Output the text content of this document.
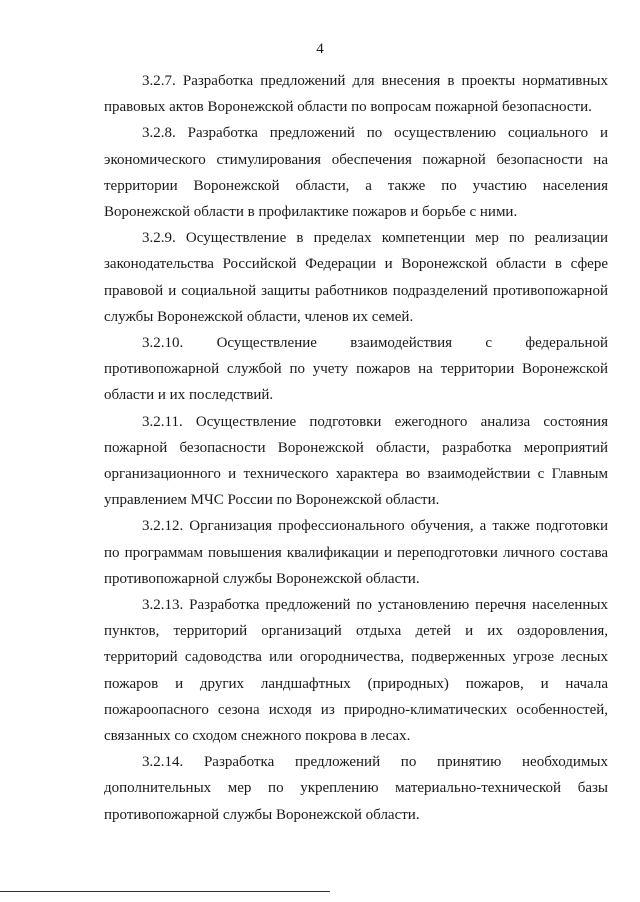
4

3.2.7. Разработка предложений для внесения в проекты нормативных правовых актов Воронежской области по вопросам пожарной безопасности.

3.2.8. Разработка предложений по осуществлению социального и экономического стимулирования обеспечения пожарной безопасности на территории Воронежской области, а также по участию населения Воронежской области в профилактике пожаров и борьбе с ними.

3.2.9. Осуществление в пределах компетенции мер по реализации законодательства Российской Федерации и Воронежской области в сфере правовой и социальной защиты работников подразделений противопожарной службы Воронежской области, членов их семей.

3.2.10. Осуществление взаимодействия с федеральной противопожарной службой по учету пожаров на территории Воронежской области и их последствий.

3.2.11. Осуществление подготовки ежегодного анализа состояния пожарной безопасности Воронежской области, разработка мероприятий организационного и технического характера во взаимодействии с Главным управлением МЧС России по Воронежской области.

3.2.12. Организация профессионального обучения, а также подготовки по программам повышения квалификации и переподготовки личного состава противопожарной службы Воронежской области.

3.2.13. Разработка предложений по установлению перечня населенных пунктов, территорий организаций отдыха детей и их оздоровления, территорий садоводства или огородничества, подверженных угрозе лесных пожаров и других ландшафтных (природных) пожаров, и начала пожароопасного сезона исходя из природно-климатических особенностей, связанных со сходом снежного покрова в лесах.

3.2.14. Разработка предложений по принятию необходимых дополнительных мер по укреплению материально-технической базы противопожарной службы Воронежской области.
